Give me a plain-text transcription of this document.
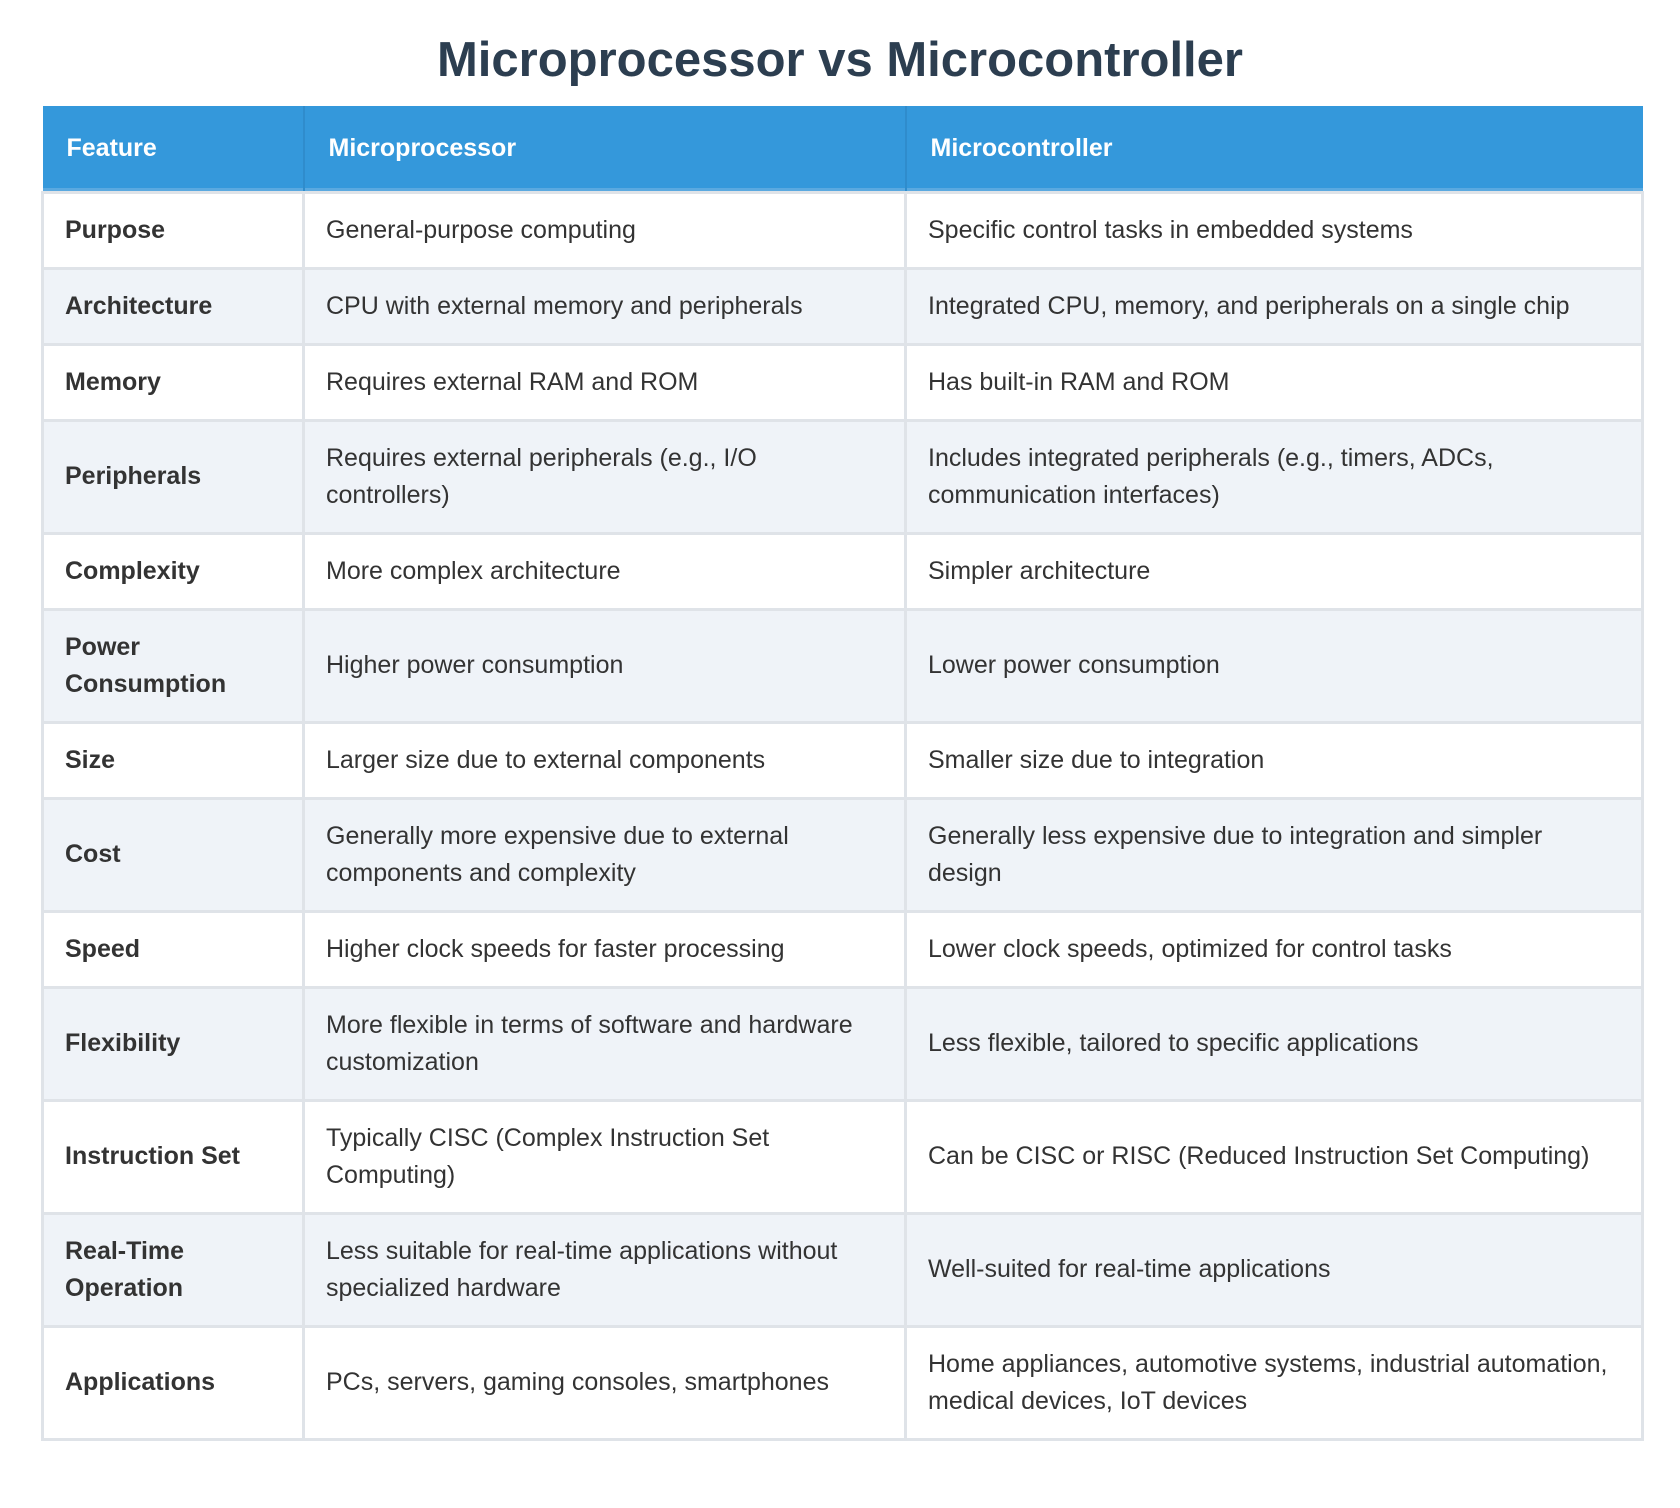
Microprocessor vs Microcontroller
Feature	Microprocessor	Microcontroller
Purpose	General-purpose computing	Specific control tasks in embedded systems
Architecture	CPU with external memory and peripherals	Integrated CPU, memory, and peripherals on a single chip
Memory	Requires external RAM and ROM	Has built-in RAM and ROM
Peripherals	Requires external peripherals (e.g., I/O controllers)	Includes integrated peripherals (e.g., timers, ADCs, communication interfaces)
Complexity	More complex architecture	Simpler architecture
Power Consumption	Higher power consumption	Lower power consumption
Size	Larger size due to external components	Smaller size due to integration
Cost	Generally more expensive due to external components and complexity	Generally less expensive due to integration and simpler design
Speed	Higher clock speeds for faster processing	Lower clock speeds, optimized for control tasks
Flexibility	More flexible in terms of software and hardware customization	Less flexible, tailored to specific applications
Instruction Set	Typically CISC (Complex Instruction Set Computing)	Can be CISC or RISC (Reduced Instruction Set Computing)
Real-Time Operation	Less suitable for real-time applications without specialized hardware	Well-suited for real-time applications
Applications	PCs, servers, gaming consoles, smartphones	Home appliances, automotive systems, industrial automation, medical devices, IoT devices
